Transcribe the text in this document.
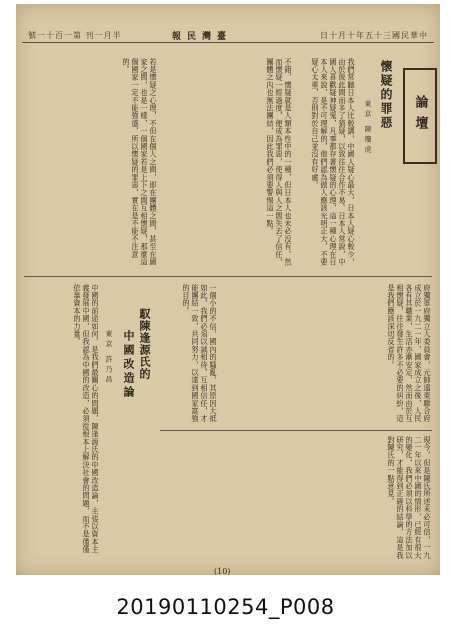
號一十百一第 刊一月半	報民灣臺	日十月十年五十三國民華中
論壇
懷疑的罪惡
東京 陳瓊虎
我們常聽日本人比較講，中國人疑心最大，日本人疑心較少，由於彼此間而多了猜疑，以致往往合作不易。日本人常說，中國人喜歡疑神疑鬼，凡事都存著懷疑的心理，這一種心理在日本人來說，是不可理解的，他們認為做人應該光明正大，不要疑心太重，否則對於自己並沒有好處。
不錯，懷疑就是人類本性中的一種，但日本人也未必沒有。然而懷疑一經過度，便成為罪惡，使得人與人之間失去了信任，團體之內也無法團結，因此我們必須要警惕這一點。
若是懷疑之心理，不但在個人之間，即在團體之間，甚至在國家之間，也是一樣，一個國家若是上下之間互相懷疑，那麼這個國家一定不能強盛，所以懷疑的罪惡，實在是不能不注意的。
府獨軍府獨立人委員會，元帥遠東聯合府成立於一九二一年，國家成立之後，人民各有其職業，生活亦漸安定，然而由於互相懷疑，往往發生許多不必要的糾紛，這是我們應該深切反省的。
一個小的不信，國內的騷亂，其原因大抵如此，我們必須以誠相待，互相信任，才能團結一致，共同努力，以達到國家富強的目的。
馭陳逢源氏的
中國改造論
東京 許乃昌
中國的前途如何，是我們最關心的問題，陳逢源氏的中國改造論，主張以資本主義發展中國，但我認為中國的改造，必須從根本上解決社會的問題，而不是僅僅依靠資本的力量。
現今，但是陳氏所述未必可信，一九二一年以來中國的情形，已經有很大的變化，我們必須以科學的方法加以研究，才能得到正確的結論，這是我對陳氏的一點意見。
(10)
20190110254_P008
